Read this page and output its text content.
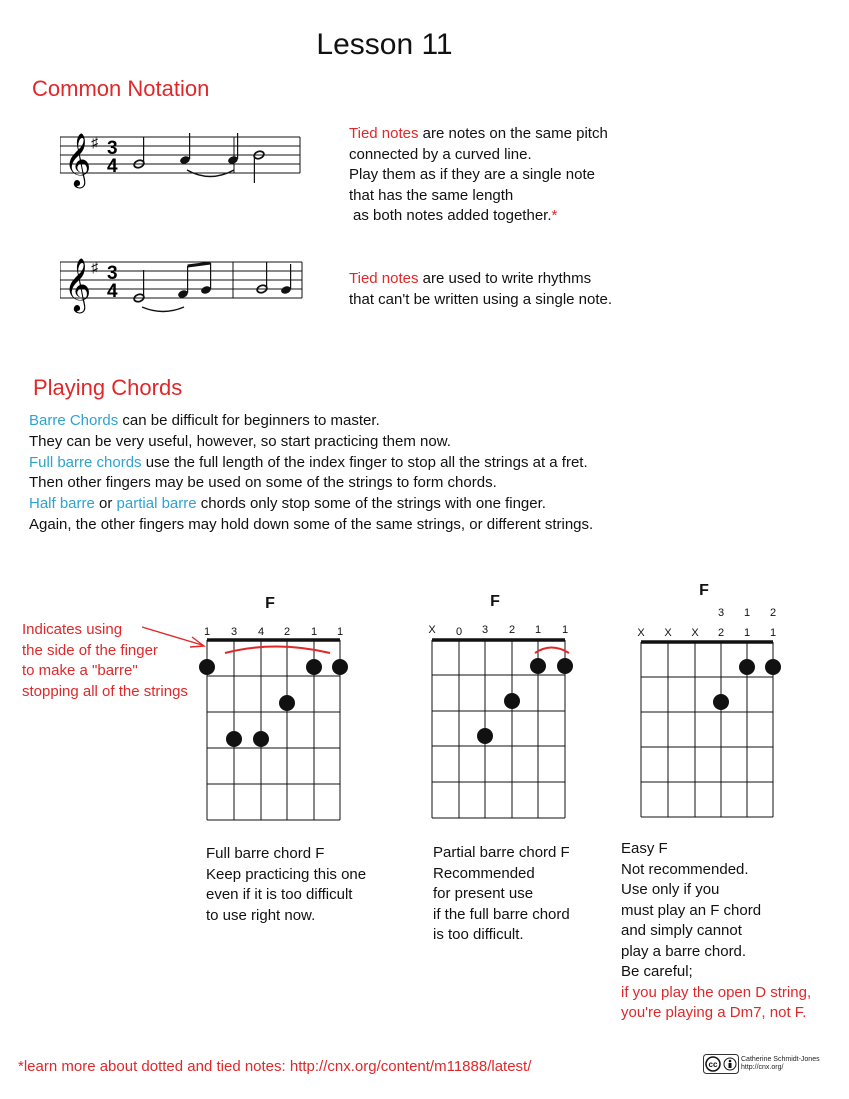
Lesson 11
Common Notation
𝄞 ♯ 3
4
Tied notes are notes on the same pitch
connected by a curved line.
Play them as if they are a single note
that has the same length
as both notes added together.*
𝄞 ♯ 3
4
Tied notes are used to write rhythms
that can't be written using a single note.
Playing Chords
Barre Chords can be difficult for beginners to master.
They can be very useful, however, so start practicing them now.
Full barre chords use the full length of the index finger to stop all the strings at a fret.
Then other fingers may be used on some of the strings to form chords.
Half barre or partial barre chords only stop some of the strings with one finger.
Again, the other fingers may hold down some of the same strings, or different strings.
Indicates using
the side of the finger
to make a "barre"
stopping all of the strings
F
1 3 4 2 1 1
F
X 0 3 2 1 1
F
3 1 2
X X X 2 1 1
Full barre chord F
Keep practicing this one
even if it is too difficult
to use right now.
Partial barre chord F
Recommended
for present use
if the full barre chord
is too difficult.
Easy F
Not recommended.
Use only if you
must play an F chord
and simply cannot
play a barre chord.
Be careful;
if you play the open D string,
you're playing a Dm7, not F.
*learn more about dotted and tied notes: http://cnx.org/content/m11888/latest/	cc
Catherine Schmidt-Jones
http://cnx.org/
